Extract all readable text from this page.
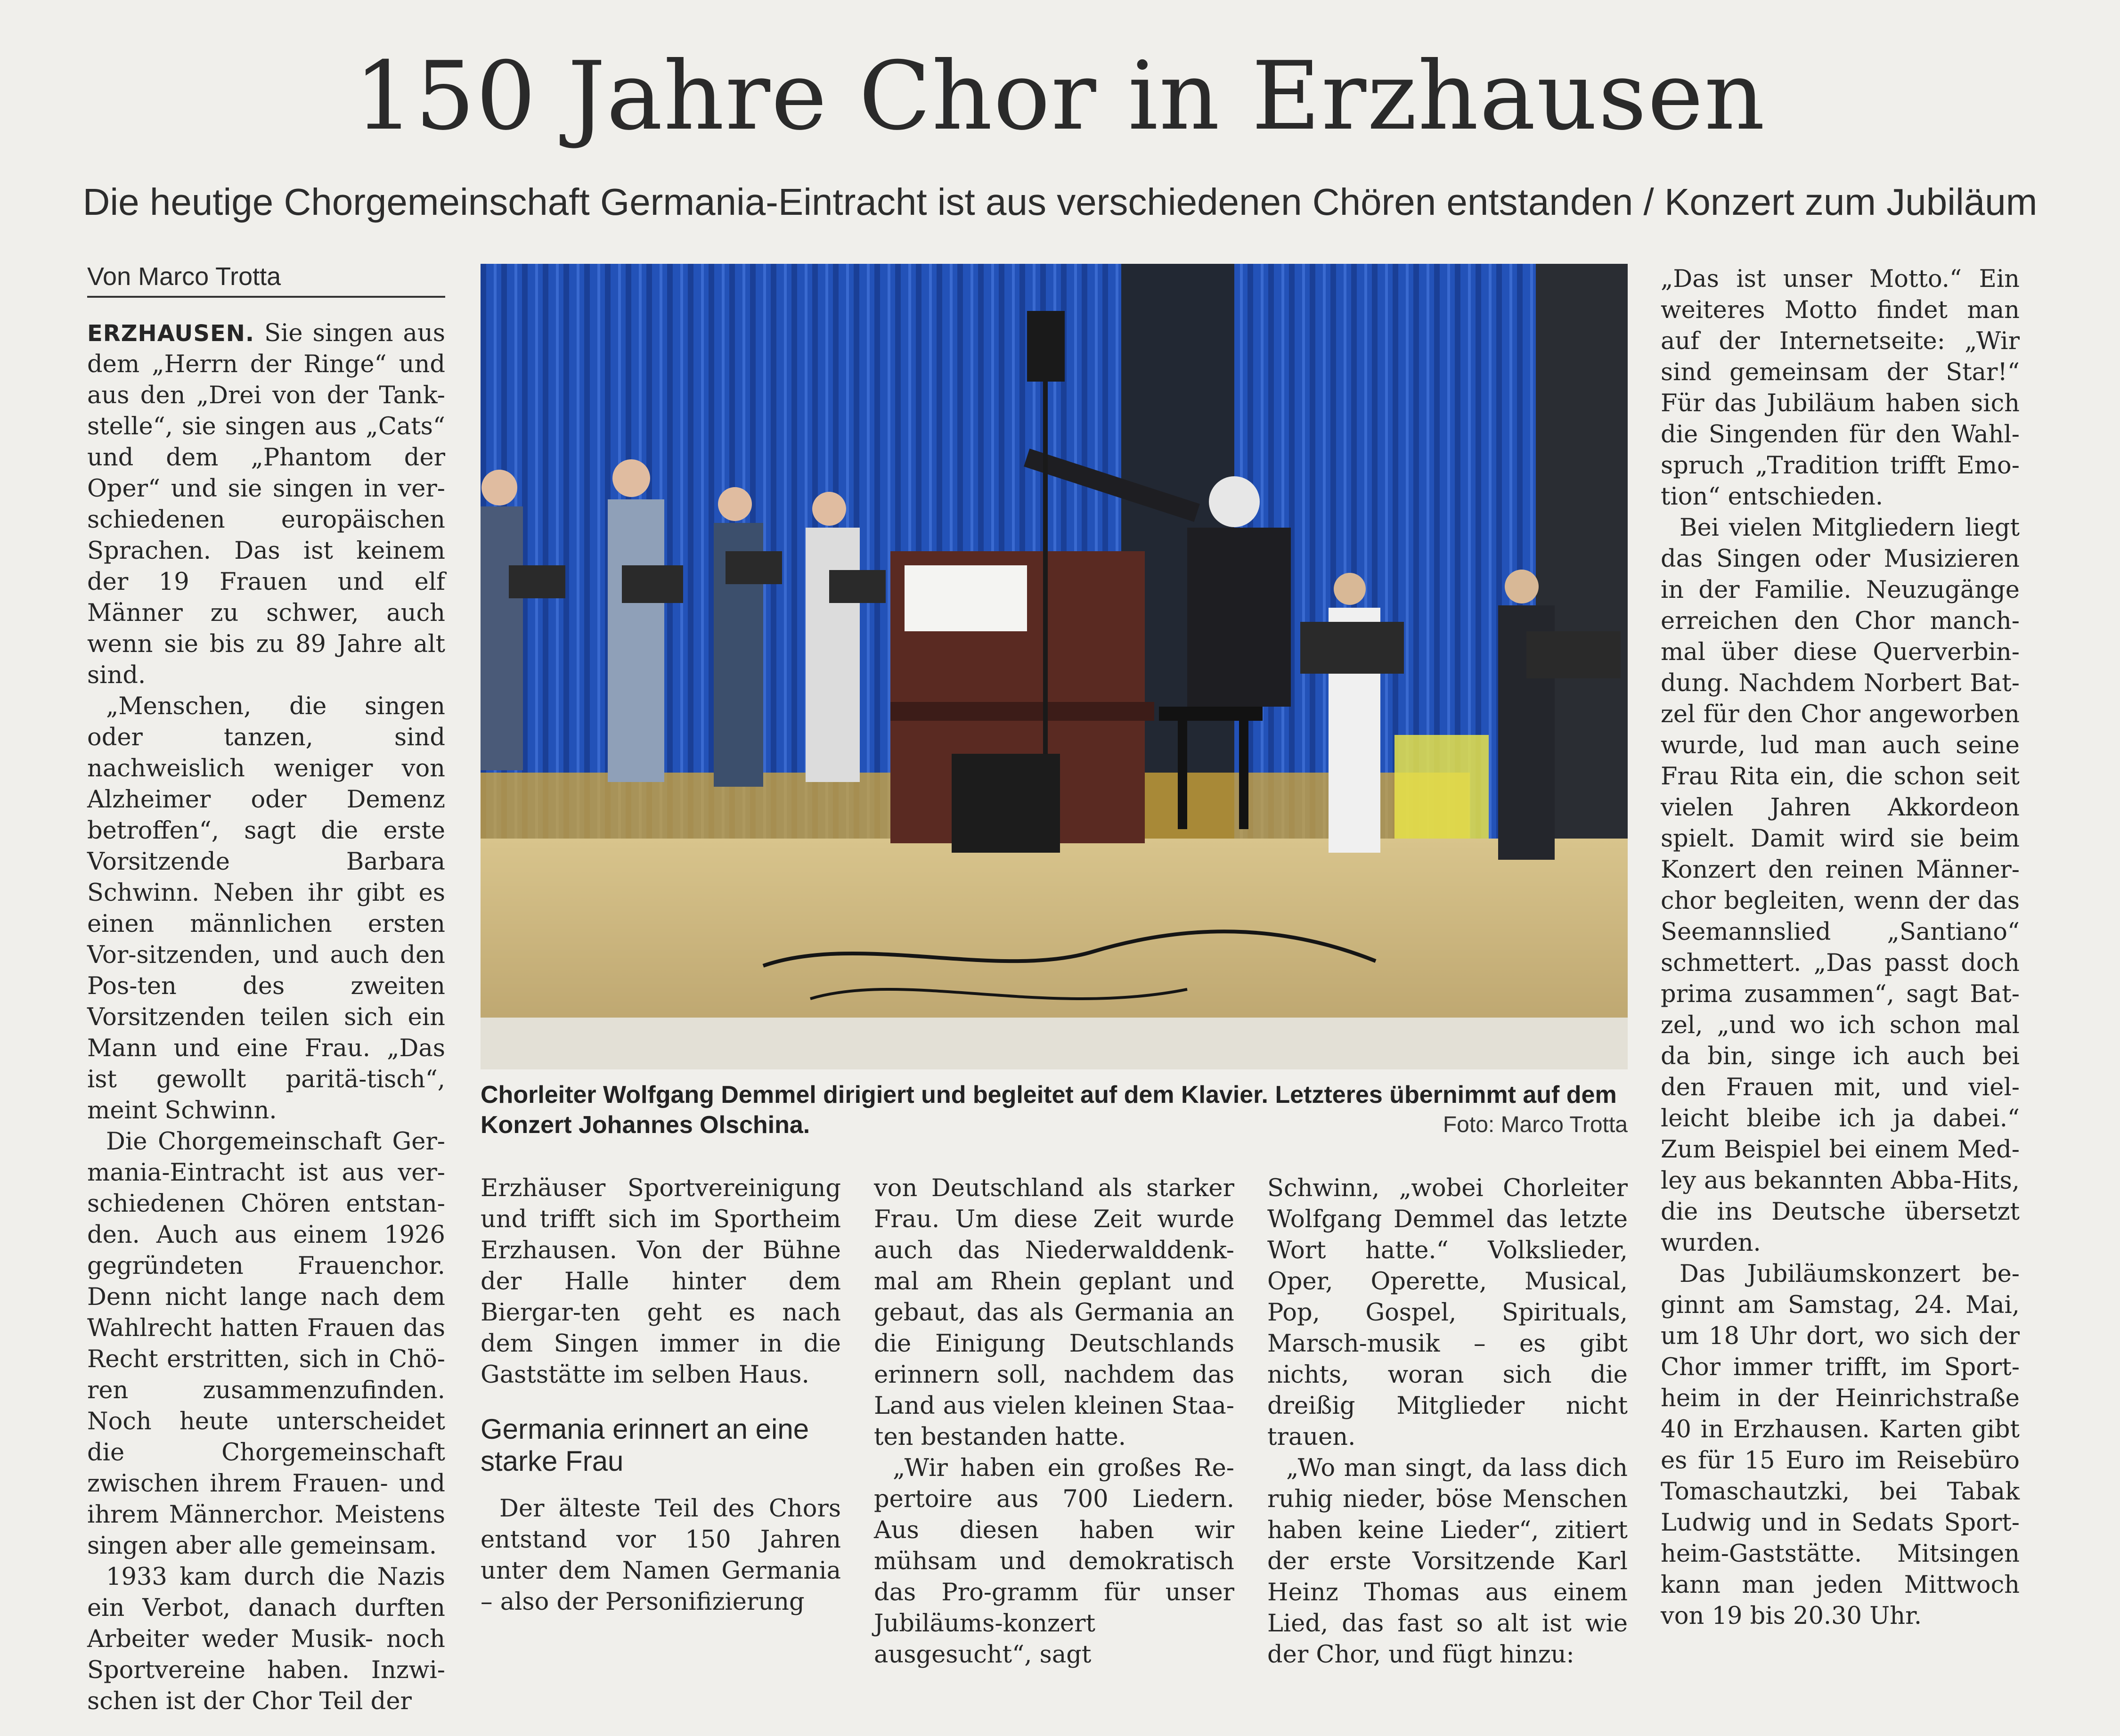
150 Jahre Chor in Erzhausen
Die heutige Chorgemeinschaft Germania-Eintracht ist aus verschiedenen Chören entstanden / Konzert zum Jubiläum
Von Marco Trotta

ERZHAUSEN. Sie singen aus dem „Herrn der Ringe“ und aus den „Drei von der Tank-stelle“, sie singen aus „Cats“ und dem „Phantom der Oper“ und sie singen in ver-schiedenen europäischen Sprachen. Das ist keinem der 19 Frauen und elf Männer zu schwer, auch wenn sie bis zu 89 Jahre alt sind.

„Menschen, die singen oder tanzen, sind nachweislich weniger von Alzheimer oder Demenz betroffen“, sagt die erste Vorsitzende Barbara Schwinn. Neben ihr gibt es einen männlichen ersten Vor-sitzenden, und auch den Pos-ten des zweiten Vorsitzenden teilen sich ein Mann und eine Frau. „Das ist gewollt paritä-tisch“, meint Schwinn.

Die Chorgemeinschaft Ger-mania-Eintracht ist aus ver-schiedenen Chören entstan-den. Auch aus einem 1926 gegründeten Frauenchor. Denn nicht lange nach dem Wahlrecht hatten Frauen das Recht erstritten, sich in Chö-ren zusammenzufinden. Noch heute unterscheidet die Chorgemeinschaft zwischen ihrem Frauen- und ihrem Männerchor. Meistens singen aber alle gemeinsam.

1933 kam durch die Nazis ein Verbot, danach durften Arbeiter weder Musik- noch Sportvereine haben. Inzwi-schen ist der Chor Teil der

Chorleiter Wolfgang Demmel dirigiert und begleitet auf dem Klavier. Letzteres übernimmt auf dem Konzert Johannes Olschina.	Foto: Marco Trotta

Erzhäuser Sportvereinigung und trifft sich im Sportheim Erzhausen. Von der Bühne der Halle hinter dem Biergar-ten geht es nach dem Singen immer in die Gaststätte im selben Haus.

Germania erinnert an eine starke Frau

Der älteste Teil des Chors entstand vor 150 Jahren unter dem Namen Germania – also der Personifizierung

von Deutschland als starker Frau. Um diese Zeit wurde auch das Niederwalddenk-mal am Rhein geplant und gebaut, das als Germania an die Einigung Deutschlands erinnern soll, nachdem das Land aus vielen kleinen Staa-ten bestanden hatte.

„Wir haben ein großes Re-pertoire aus 700 Liedern. Aus diesen haben wir mühsam und demokratisch das Pro-gramm für unser Jubiläums-konzert ausgesucht“, sagt

Schwinn, „wobei Chorleiter Wolfgang Demmel das letzte Wort hatte.“ Volkslieder, Oper, Operette, Musical, Pop, Gospel, Spirituals, Marsch-musik – es gibt nichts, woran sich die dreißig Mitglieder nicht trauen.

„Wo man singt, da lass dich ruhig nieder, böse Menschen haben keine Lieder“, zitiert der erste Vorsitzende Karl Heinz Thomas aus einem Lied, das fast so alt ist wie der Chor, und fügt hinzu:

„Das ist unser Motto.“ Ein weiteres Motto findet man auf der Internetseite: „Wir sind gemeinsam der Star!“ Für das Jubiläum haben sich die Singenden für den Wahl-spruch „Tradition trifft Emo-tion“ entschieden.

Bei vielen Mitgliedern liegt das Singen oder Musizieren in der Familie. Neuzugänge erreichen den Chor manch-mal über diese Querverbin-dung. Nachdem Norbert Bat-zel für den Chor angeworben wurde, lud man auch seine Frau Rita ein, die schon seit vielen Jahren Akkordeon spielt. Damit wird sie beim Konzert den reinen Männer-chor begleiten, wenn der das Seemannslied „Santiano“ schmettert. „Das passt doch prima zusammen“, sagt Bat-zel, „und wo ich schon mal da bin, singe ich auch bei den Frauen mit, und viel-leicht bleibe ich ja dabei.“ Zum Beispiel bei einem Med-ley aus bekannten Abba-Hits, die ins Deutsche übersetzt wurden.

Das Jubiläumskonzert be-ginnt am Samstag, 24. Mai, um 18 Uhr dort, wo sich der Chor immer trifft, im Sport-heim in der Heinrichstraße 40 in Erzhausen. Karten gibt es für 15 Euro im Reisebüro Tomaschautzki, bei Tabak Ludwig und in Sedats Sport-heim-Gaststätte. Mitsingen kann man jeden Mittwoch von 19 bis 20.30 Uhr.
